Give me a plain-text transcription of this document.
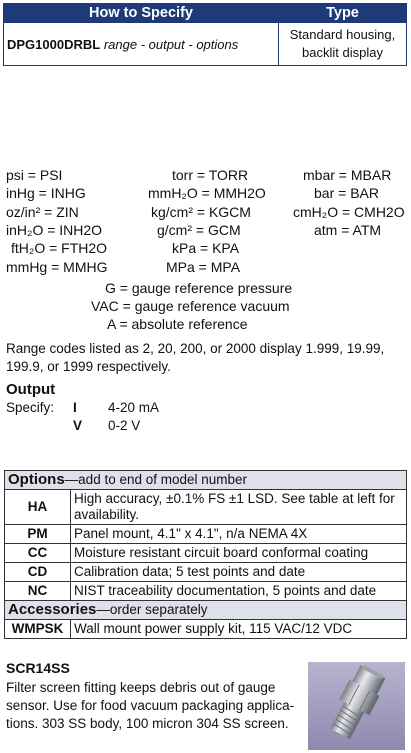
How to Specify	Type
DPG1000DRBL range - output - options	Standard housing,
backlit display
psi = PSI	torr = TORR	mbar = MBAR
inHg = INHG	mmH₂O = MMH2O	bar = BAR
oz/in² = ZIN	kg/cm² = KGCM	cmH₂O = CMH2O
inH₂O = INH2O	g/cm² = GCM	atm = ATM
ftH₂O = FTH2O	kPa = KPA
mmHg = MMHG	MPa = MPA
G = gauge reference pressure
VAC = gauge reference vacuum
A = absolute reference
Range codes listed as 2, 20, 200, or 2000 display 1.999, 19.99,
199.9, or 1999 respectively.
Output
Specify: I 4-20 mA
V 0-2 V
Options—add to end of model number	
HA	High accuracy, ±0.1% FS ±1 LSD. See table at left for
availability.

PM	Panel mount, 4.1" x 4.1", n/a NEMA 4X
CC	Moisture resistant circuit board conformal coating
CD	Calibration data; 5 test points and date
NC	NIST traceability documentation, 5 points and date
Accessories—order separately	
WMPSK	Wall mount power supply kit, 115 VAC/12 VDC
SCR14SS
Filter screen fitting keeps debris out of gauge
sensor. Use for food vacuum packaging applica-
tions. 303 SS body, 100 micron 304 SS screen.
